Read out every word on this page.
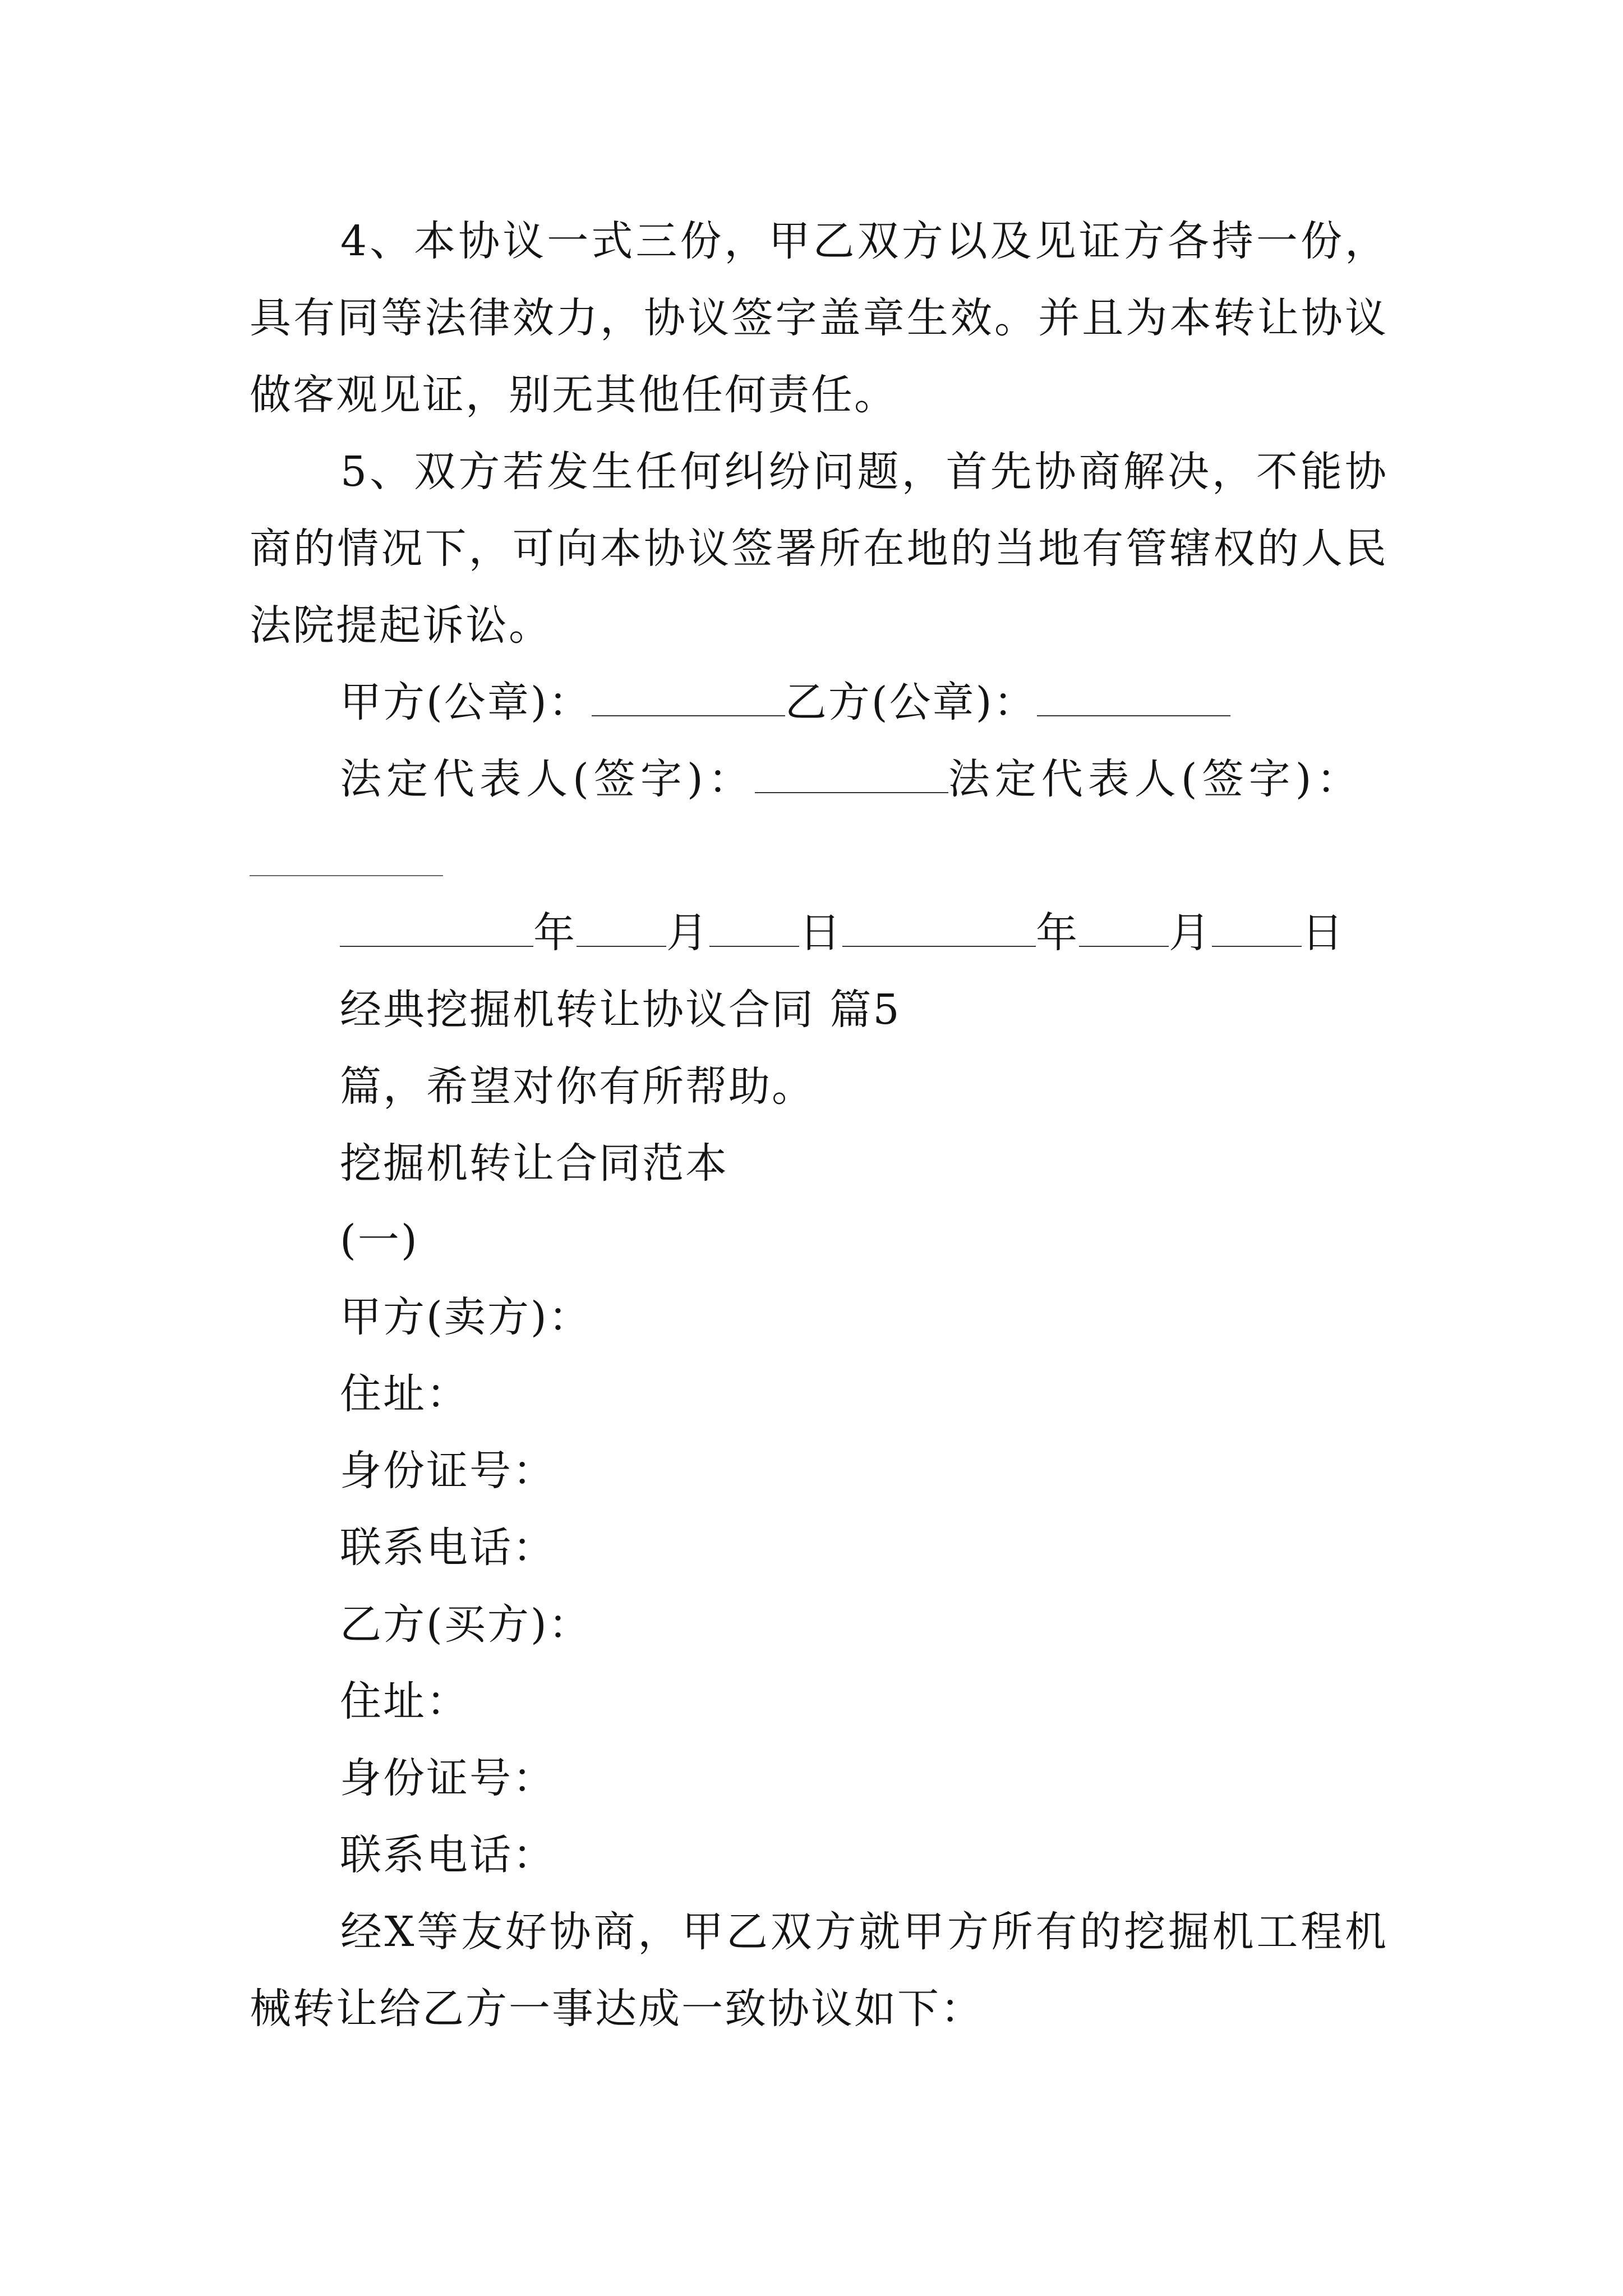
4、本协议一式三份，甲乙双方以及见证方各持一份，具有同等法律效力，协议签字盖章生效。并且为本转让协议做客观见证，别无其他任何责任。

5、双方若发生任何纠纷问题，首先协商解决，不能协商的情况下，可向本协议签署所在地的当地有管辖权的人民法院提起诉讼。

甲方(公章)：	乙方(公章)：
法定代表人(签字)：	法定代表人(签字)：
年 月 日	年 月 日
经典挖掘机转让协议合同 篇5
篇，希望对你有所帮助。
挖掘机转让合同范本
(一)
甲方(卖方)：
住址：
身份证号：
联系电话：
乙方(买方)：
住址：
身份证号：
联系电话：

经X等友好协商，甲乙双方就甲方所有的挖掘机工程机械转让给乙方一事达成一致协议如下：
